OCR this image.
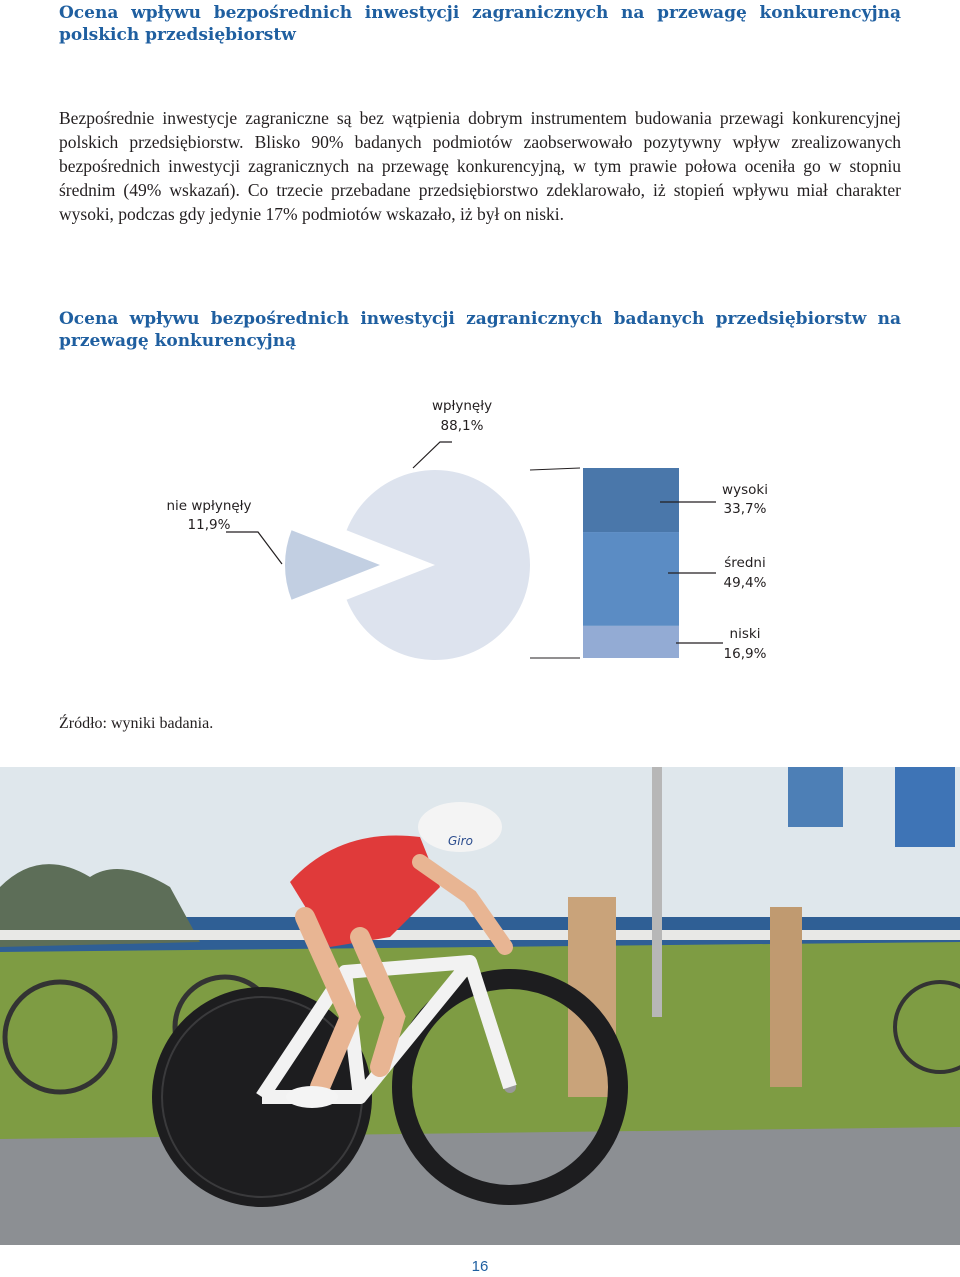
Ocena wpływu bezpośrednich inwestycji zagranicznych na przewagę konkurencyjną polskich przedsiębiorstw

Bezpośrednie inwestycje zagraniczne są bez wątpienia dobrym instrumentem budowania przewagi konkurencyjnej polskich przedsiębiorstw. Blisko 90% badanych podmiotów zaobserwowało pozytywny wpływ zrealizowanych bezpośrednich inwestycji zagranicznych na przewagę konkurencyjną, w tym prawie połowa oceniła go w stopniu średnim (49% wskazań). Co trzecie przebadane przedsiębiorstwo zdeklarowało, iż stopień wpływu miał charakter wysoki, podczas gdy jedynie 17% podmiotów wskazało, iż był on niski.

Ocena wpływu bezpośrednich inwestycji zagranicznych badanych przedsiębiorstw na przewagę konkurencyjną
wpłynęły
88,1%
nie wpłynęły
11,9%
wysoki
33,7%
średni
49,4%
niski
16,9%

Źródło: wyniki badania.

Giro
16
